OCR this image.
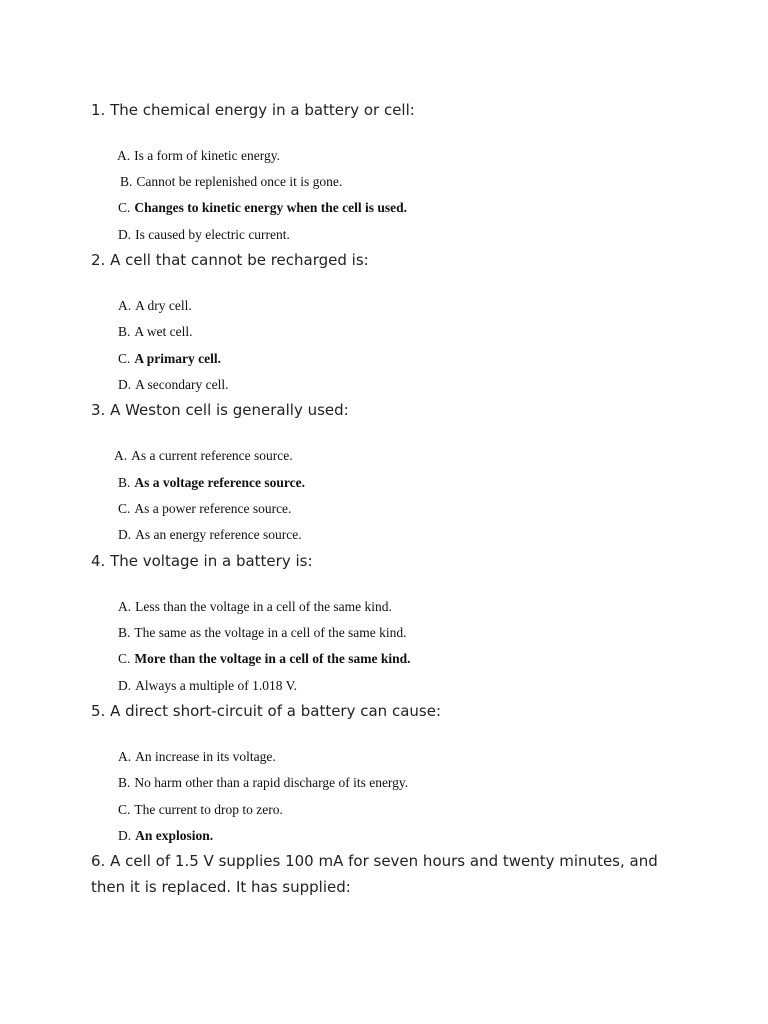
1. The chemical energy in a battery or cell:
A. Is a form of kinetic energy.
B. Cannot be replenished once it is gone.
C. Changes to kinetic energy when the cell is used.
D. Is caused by electric current.
2. A cell that cannot be recharged is:
A. A dry cell.
B. A wet cell.
C. A primary cell.
D. A secondary cell.
3. A Weston cell is generally used:
A. As a current reference source.
B. As a voltage reference source.
C. As a power reference source.
D. As an energy reference source.
4. The voltage in a battery is:
A. Less than the voltage in a cell of the same kind.
B. The same as the voltage in a cell of the same kind.
C. More than the voltage in a cell of the same kind.
D. Always a multiple of 1.018 V.
5. A direct short-circuit of a battery can cause:
A. An increase in its voltage.
B. No harm other than a rapid discharge of its energy.
C. The current to drop to zero.
D. An explosion.
6. A cell of 1.5 V supplies 100 mA for seven hours and twenty minutes, and then it is replaced. It has supplied:
